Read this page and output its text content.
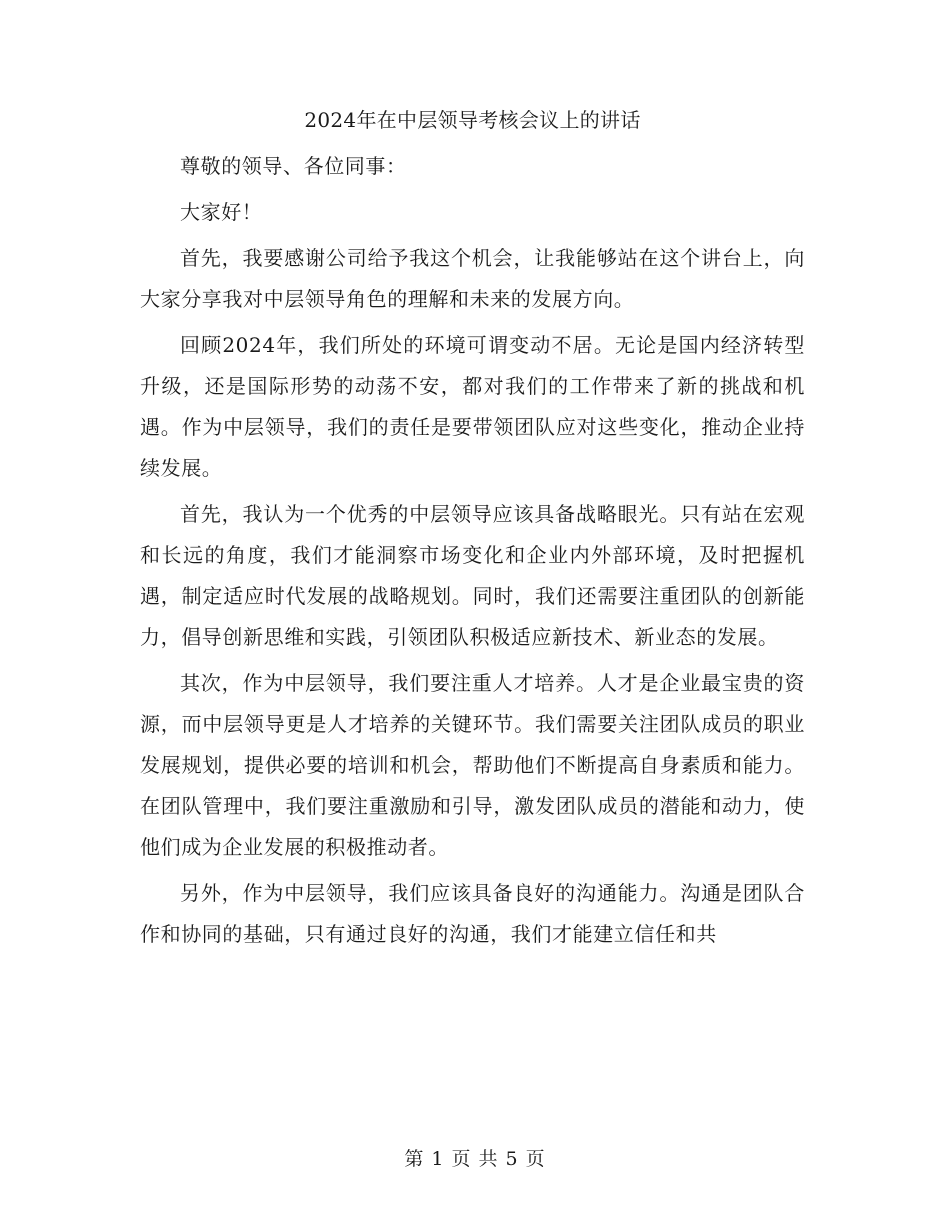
2024年在中层领导考核会议上的讲话

尊敬的领导、各位同事：

大家好！

首先，我要感谢公司给予我这个机会，让我能够站在这个讲台上，向大家分享我对中层领导角色的理解和未来的发展方向。

回顾2024年，我们所处的环境可谓变动不居。无论是国内经济转型升级，还是国际形势的动荡不安，都对我们的工作带来了新的挑战和机遇。作为中层领导，我们的责任是要带领团队应对这些变化，推动企业持续发展。

首先，我认为一个优秀的中层领导应该具备战略眼光。只有站在宏观和长远的角度，我们才能洞察市场变化和企业内外部环境，及时把握机遇，制定适应时代发展的战略规划。同时，我们还需要注重团队的创新能力，倡导创新思维和实践，引领团队积极适应新技术、新业态的发展。

其次，作为中层领导，我们要注重人才培养。人才是企业最宝贵的资源，而中层领导更是人才培养的关键环节。我们需要关注团队成员的职业发展规划，提供必要的培训和机会，帮助他们不断提高自身素质和能力。在团队管理中，我们要注重激励和引导，激发团队成员的潜能和动力，使他们成为企业发展的积极推动者。

另外，作为中层领导，我们应该具备良好的沟通能力。沟通是团队合作和协同的基础，只有通过良好的沟通，我们才能建立信任和共

第 1 页 共 5 页
